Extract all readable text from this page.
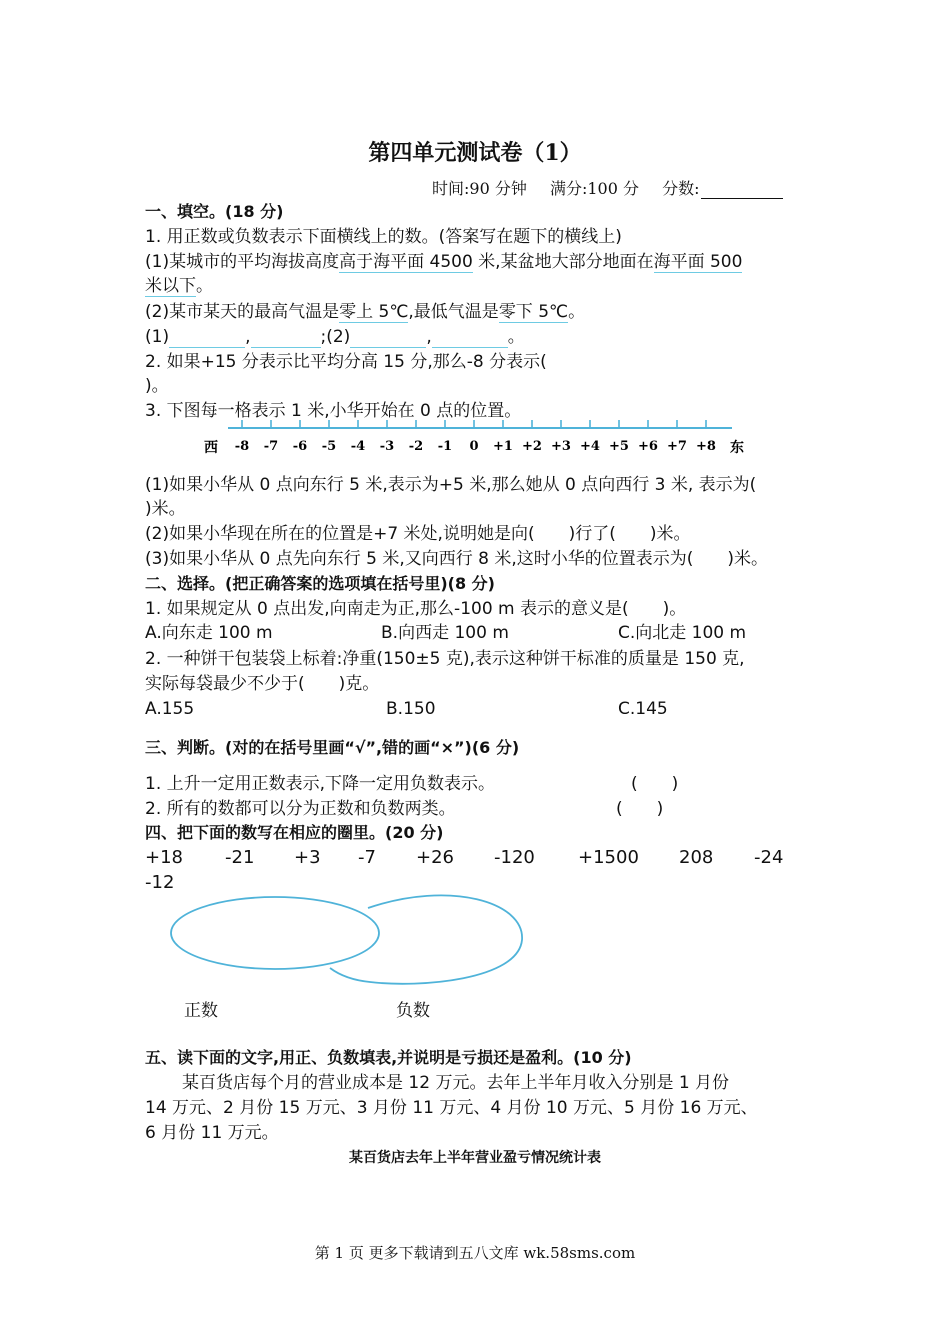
第四单元测试卷（1）
时间:90 分钟 满分:100 分 分数:
一、填空。(18 分)
1. 用正数或负数表示下面横线上的数。(答案写在题下的横线上)
(1)某城市的平均海拔高度高于海平面 4500 米,某盆地大部分地面在海平面 500
米以下。
(2)某市某天的最高气温是零上 5℃,最低气温是零下 5℃。
(1)	,	;(2)	,	。
2. 如果+15 分表示比平均分高 15 分,那么-8 分表示(
)。
3. 下图每一格表示 1 米,小华开始在 0 点的位置。
-8 -7 -6 -5 -4 -3 -2 -1 0 +1 +2 +3 +4 +5 +6 +7 +8
西	东
(1)如果小华从 0 点向东行 5 米,表示为+5 米,那么她从 0 点向西行 3 米, 表示为(
)米。
(2)如果小华现在所在的位置是+7 米处,说明她是向(　　)行了(　　)米。
(3)如果小华从 0 点先向东行 5 米,又向西行 8 米,这时小华的位置表示为(　　)米。
二、选择。(把正确答案的选项填在括号里)(8 分)
1. 如果规定从 0 点出发,向南走为正,那么-100 m 表示的意义是(　　)。
A.向东走 100 m	B.向西走 100 m	C.向北走 100 m
2. 一种饼干包装袋上标着:净重(150±5 克),表示这种饼干标准的质量是 150 克,
实际每袋最少不少于(　　)克。
A.155	B.150	C.145
三、判断。(对的在括号里画“√”,错的画“×”)(6 分)
1. 上升一定用正数表示,下降一定用负数表示。	(　　)
2. 所有的数都可以分为正数和负数两类。	(　　)
四、把下面的数写在相应的圈里。(20 分)
+18 -21 +3 -7 +26 -120 +1500 208 -24
-12
正数	负数
五、读下面的文字,用正、负数填表,并说明是亏损还是盈利。(10 分)
某百货店每个月的营业成本是 12 万元。去年上半年月收入分别是 1 月份
14 万元、2 月份 15 万元、3 月份 11 万元、4 月份 10 万元、5 月份 16 万元、
6 月份 11 万元。
某百货店去年上半年营业盈亏情况统计表
第 1 页 更多下载请到五八文库 wk.58sms.com
